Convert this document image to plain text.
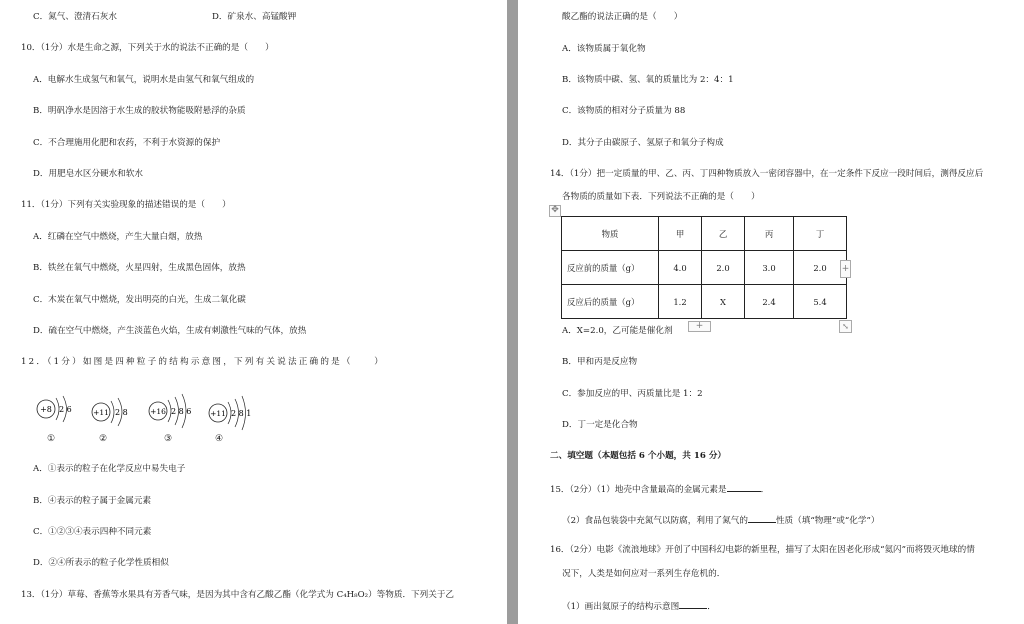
C．氮气、澄清石灰水	D．矿泉水、高锰酸钾
10．（1分）水是生命之源，下列关于水的说法不正确的是（　　）
A．电解水生成氢气和氧气，说明水是由氢气和氧气组成的
B．明矾净水是因溶于水生成的胶状物能吸附悬浮的杂质
C．不合理施用化肥和农药，不利于水资源的保护
D．用肥皂水区分硬水和软水
11．（1分）下列有关实验现象的描述错误的是（　　）
A．红磷在空气中燃烧，产生大量白烟，放热
B．铁丝在氧气中燃烧，火星四射，生成黑色固体，放热
C．木炭在氧气中燃烧，发出明亮的白光，生成二氧化碳
D．硫在空气中燃烧，产生淡蓝色火焰，生成有刺激性气味的气体，放热
12．（1分）如图是四种粒子的结构示意图，下列有关说法正确的是（　　）
+8 2 6
①
+11 2 8
②
+16 2 8 6
③
+11 2 8 1
④
A．①表示的粒子在化学反应中易失电子
B．④表示的粒子属于金属元素
C．①②③④表示四种不同元素
D．②④所表示的粒子化学性质相似
13．（1分）草莓、香蕉等水果具有芳香气味，是因为其中含有乙酸乙酯（化学式为 C₄H₈O₂）等物质．下列关于乙
酸乙酯的说法正确的是（　　）
A．该物质属于氧化物
B．该物质中碳、氢、氧的质量比为 2：4：1
C．该物质的相对分子质量为 88
D．其分子由碳原子、氢原子和氧分子构成
14．（1分）把一定质量的甲、乙、丙、丁四种物质放入一密闭容器中，在一定条件下反应一段时间后，测得反应后
各物质的质量如下表．下列说法不正确的是（　　）
✥
物质	甲	乙	丙	丁
反应前的质量（g）	4.0	2.0	3.0	2.0
反应后的质量（g）	1.2	X	2.4	5.4
+
+	⤡
A．X=2.0，乙可能是催化剂
B．甲和丙是反应物
C．参加反应的甲、丙质量比是 1：2
D．丁一定是化合物
二、填空题（本题包括 6 个小题，共 16 分）
15．（2分）（1）地壳中含量最高的金属元素是	．
（2）食品包装袋中充氮气以防腐，利用了氮气的	性质（填“物理”或“化学”）
16．（2分）电影《流浪地球》开创了中国科幻电影的新里程，描写了太阳在因老化形成“氦闪”而将毁灭地球的情
况下，人类是如何应对一系列生存危机的．
（1）画出氦原子的结构示意图	．
